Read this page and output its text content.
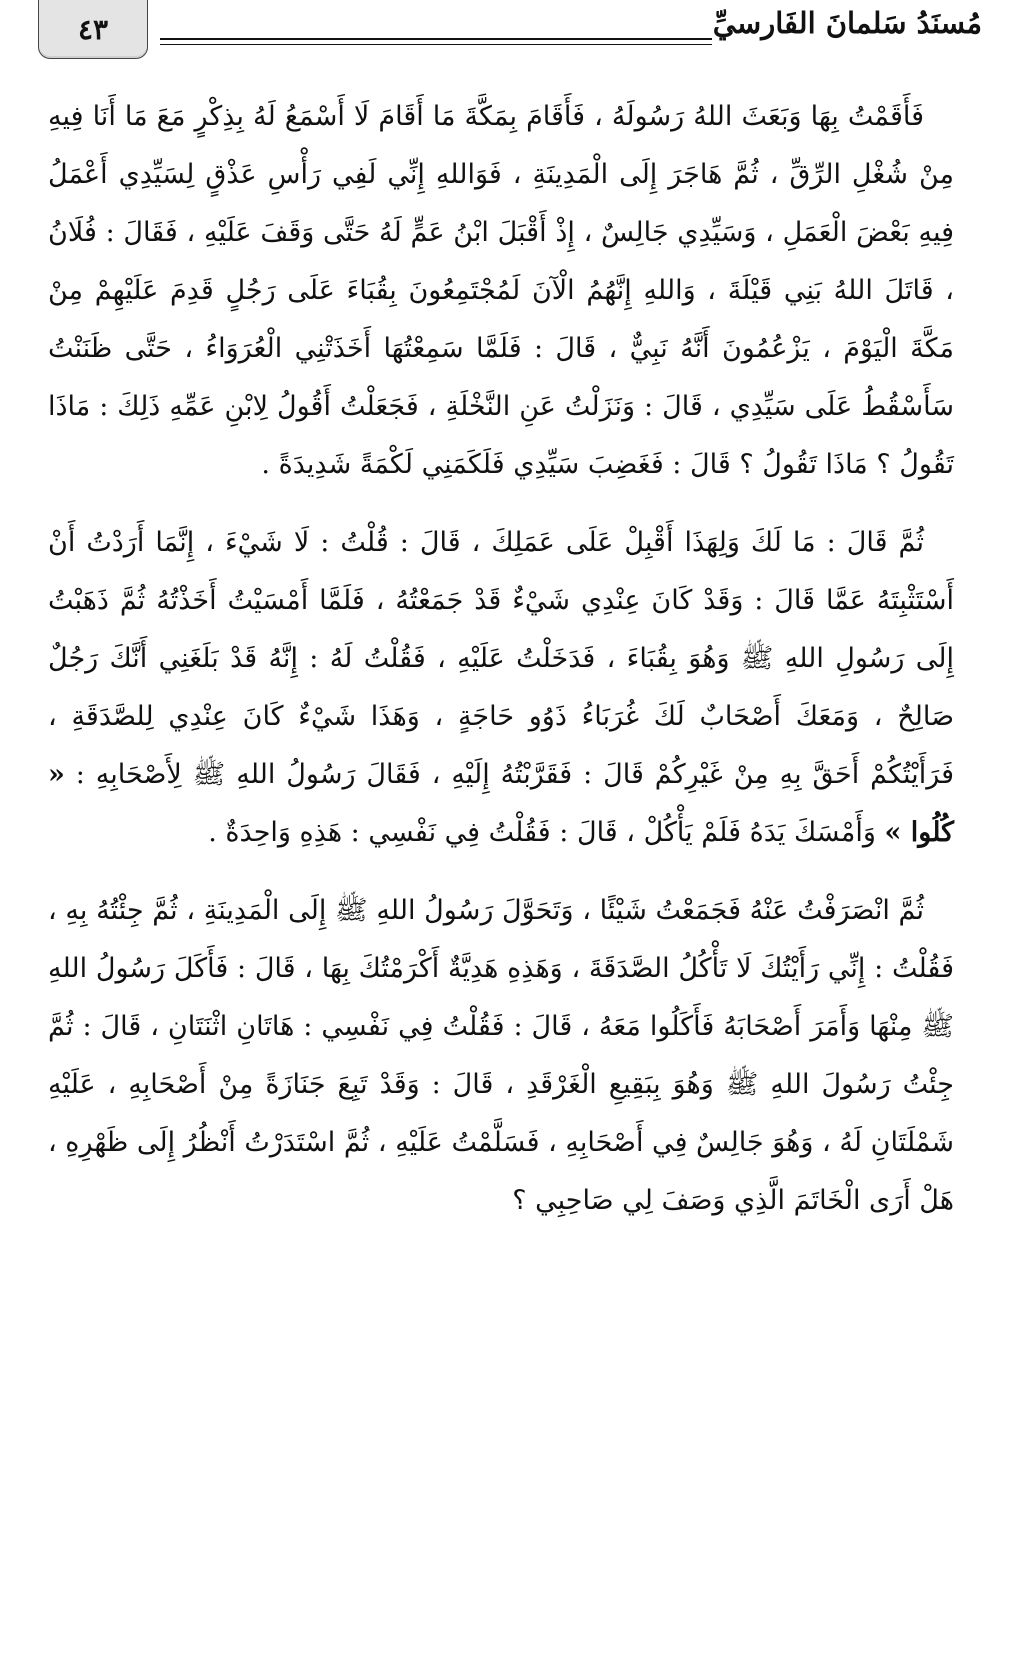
مُسنَدُ سَلمانَ الفَارسيِّ
٤٣

فَأَقَمْتُ بِهَا وَبَعَثَ اللهُ رَسُولَهُ ، فَأَقَامَ بِمَكَّةَ مَا أَقَامَ لَا أَسْمَعُ لَهُ بِذِكْرٍ مَعَ مَا أَنَا فِيهِ مِنْ شُغْلِ الرِّقِّ ، ثُمَّ هَاجَرَ إِلَى الْمَدِينَةِ ، فَوَاللهِ إِنِّي لَفِي رَأْسِ عَذْقٍ لِسَيِّدِي أَعْمَلُ فِيهِ بَعْضَ الْعَمَلِ ، وَسَيِّدِي جَالِسٌ ، إِذْ أَقْبَلَ ابْنُ عَمٍّ لَهُ حَتَّى وَقَفَ عَلَيْهِ ، فَقَالَ : فُلَانُ ، قَاتَلَ اللهُ بَنِي قَيْلَةَ ، وَاللهِ إِنَّهُمُ الْآنَ لَمُجْتَمِعُونَ بِقُبَاءَ عَلَى رَجُلٍ قَدِمَ عَلَيْهِمْ مِنْ مَكَّةَ الْيَوْمَ ، يَزْعُمُونَ أَنَّهُ نَبِيٌّ ، قَالَ : فَلَمَّا سَمِعْتُهَا أَخَذَتْنِي الْعُرَوَاءُ ، حَتَّى ظَنَنْتُ سَأَسْقُطُ عَلَى سَيِّدِي ، قَالَ : وَنَزَلْتُ عَنِ النَّخْلَةِ ، فَجَعَلْتُ أَقُولُ لِابْنِ عَمِّهِ ذَلِكَ : مَاذَا تَقُولُ ؟ مَاذَا تَقُولُ ؟ قَالَ : فَغَضِبَ سَيِّدِي فَلَكَمَنِي لَكْمَةً شَدِيدَةً .

ثُمَّ قَالَ : مَا لَكَ وَلِهَذَا أَقْبِلْ عَلَى عَمَلِكَ ، قَالَ : قُلْتُ : لَا شَيْءَ ، إِنَّمَا أَرَدْتُ أَنْ أَسْتَثْبِتَهُ عَمَّا قَالَ : وَقَدْ كَانَ عِنْدِي شَيْءٌ قَدْ جَمَعْتُهُ ، فَلَمَّا أَمْسَيْتُ أَخَذْتُهُ ثُمَّ ذَهَبْتُ إِلَى رَسُولِ اللهِ ﷺ وَهُوَ بِقُبَاءَ ، فَدَخَلْتُ عَلَيْهِ ، فَقُلْتُ لَهُ : إِنَّهُ قَدْ بَلَغَنِي أَنَّكَ رَجُلٌ صَالِحٌ ، وَمَعَكَ أَصْحَابٌ لَكَ غُرَبَاءُ ذَوُو حَاجَةٍ ، وَهَذَا شَيْءٌ كَانَ عِنْدِي لِلصَّدَقَةِ ، فَرَأَيْتُكُمْ أَحَقَّ بِهِ مِنْ غَيْرِكُمْ قَالَ : فَقَرَّبْتُهُ إِلَيْهِ ، فَقَالَ رَسُولُ اللهِ ﷺ لِأَصْحَابِهِ : « كُلُوا » وَأَمْسَكَ يَدَهُ فَلَمْ يَأْكُلْ ، قَالَ : فَقُلْتُ فِي نَفْسِي : هَذِهِ وَاحِدَةٌ .

ثُمَّ انْصَرَفْتُ عَنْهُ فَجَمَعْتُ شَيْئًا ، وَتَحَوَّلَ رَسُولُ اللهِ ﷺ إِلَى الْمَدِينَةِ ، ثُمَّ جِئْتُهُ بِهِ ، فَقُلْتُ : إِنِّي رَأَيْتُكَ لَا تَأْكُلُ الصَّدَقَةَ ، وَهَذِهِ هَدِيَّةٌ أَكْرَمْتُكَ بِهَا ، قَالَ : فَأَكَلَ رَسُولُ اللهِ ﷺ مِنْهَا وَأَمَرَ أَصْحَابَهُ فَأَكَلُوا مَعَهُ ، قَالَ : فَقُلْتُ فِي نَفْسِي : هَاتَانِ اثْنَتَانِ ، قَالَ : ثُمَّ جِئْتُ رَسُولَ اللهِ ﷺ وَهُوَ بِبَقِيعِ الْغَرْقَدِ ، قَالَ : وَقَدْ تَبِعَ جَنَازَةً مِنْ أَصْحَابِهِ ، عَلَيْهِ شَمْلَتَانِ لَهُ ، وَهُوَ جَالِسٌ فِي أَصْحَابِهِ ، فَسَلَّمْتُ عَلَيْهِ ، ثُمَّ اسْتَدَرْتُ أَنْظُرُ إِلَى ظَهْرِهِ ، هَلْ أَرَى الْخَاتَمَ الَّذِي وَصَفَ لِي صَاحِبِي ؟
